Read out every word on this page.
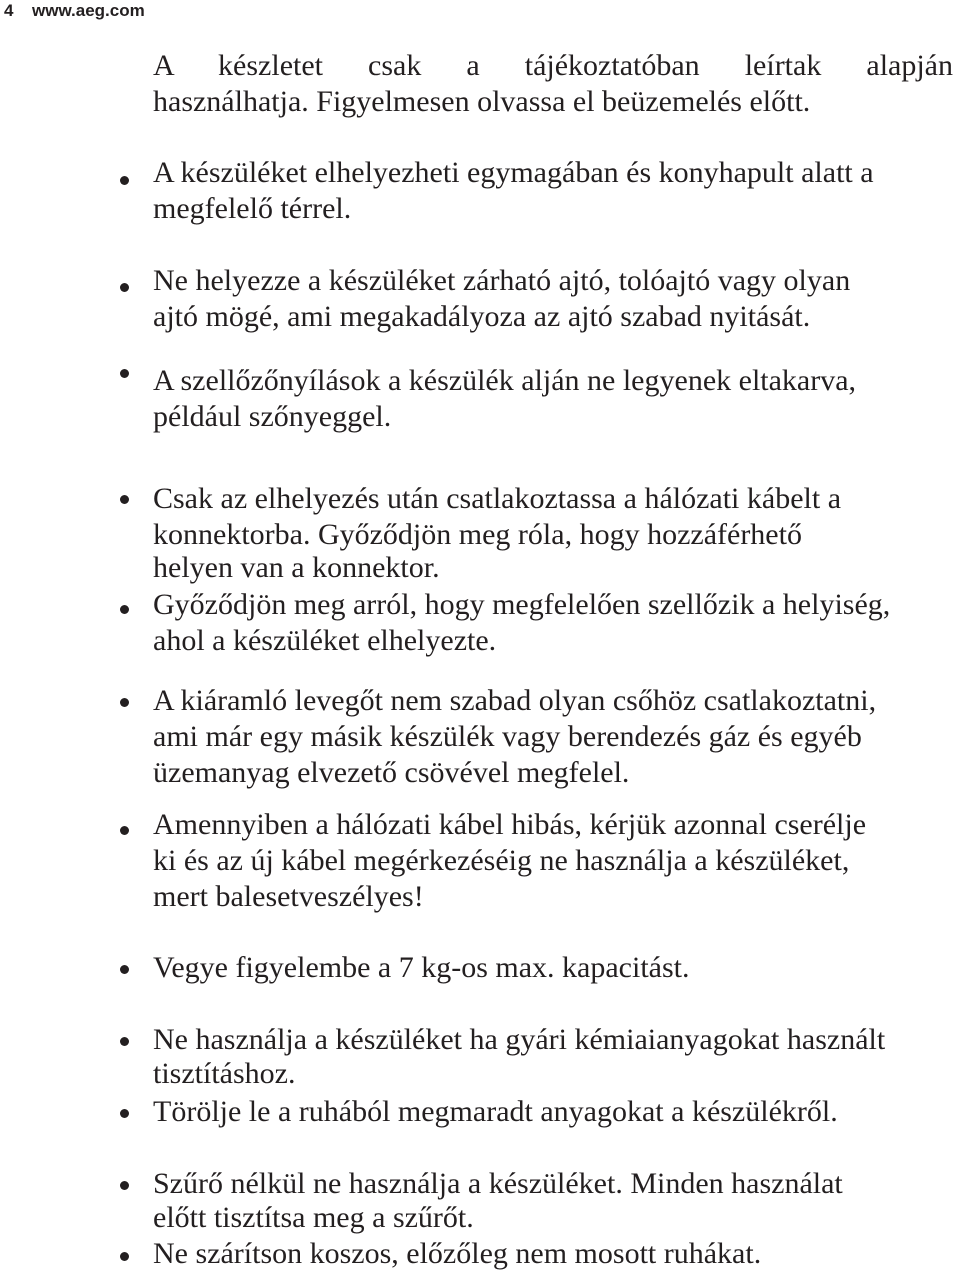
4 www.aeg.com
A készletet csak a tájékoztatóban leírtak alapján
használhatja. Figyelmesen olvassa el beüzemelés előtt.
A készüléket elhelyezheti egymagában és konyhapult alatt a
megfelelő térrel.
Ne helyezze a készüléket zárható ajtó, tolóajtó vagy olyan
ajtó mögé, ami megakadályoza az ajtó szabad nyitását.
A szellőzőnyílások a készülék alján ne legyenek eltakarva,
például szőnyeggel.
Csak az elhelyezés után csatlakoztassa a hálózati kábelt a
konnektorba. Győződjön meg róla, hogy hozzáférhető
helyen van a konnektor.
Győződjön meg arról, hogy megfelelően szellőzik a helyiség,
ahol a készüléket elhelyezte.
A kiáramló levegőt nem szabad olyan csőhöz csatlakoztatni,
ami már egy másik készülék vagy berendezés gáz és egyéb
üzemanyag elvezető csövével megfelel.
Amennyiben a hálózati kábel hibás, kérjük azonnal cserélje
ki és az új kábel megérkezéséig ne használja a készüléket,
mert balesetveszélyes!
Vegye figyelembe a 7 kg-os max. kapacitást.
Ne használja a készüléket ha gyári kémiaianyagokat használt
tisztításhoz.
Törölje le a ruhából megmaradt anyagokat a készülékről.
Szűrő nélkül ne használja a készüléket. Minden használat
előtt tisztítsa meg a szűrőt.
Ne szárítson koszos, előzőleg nem mosott ruhákat.
